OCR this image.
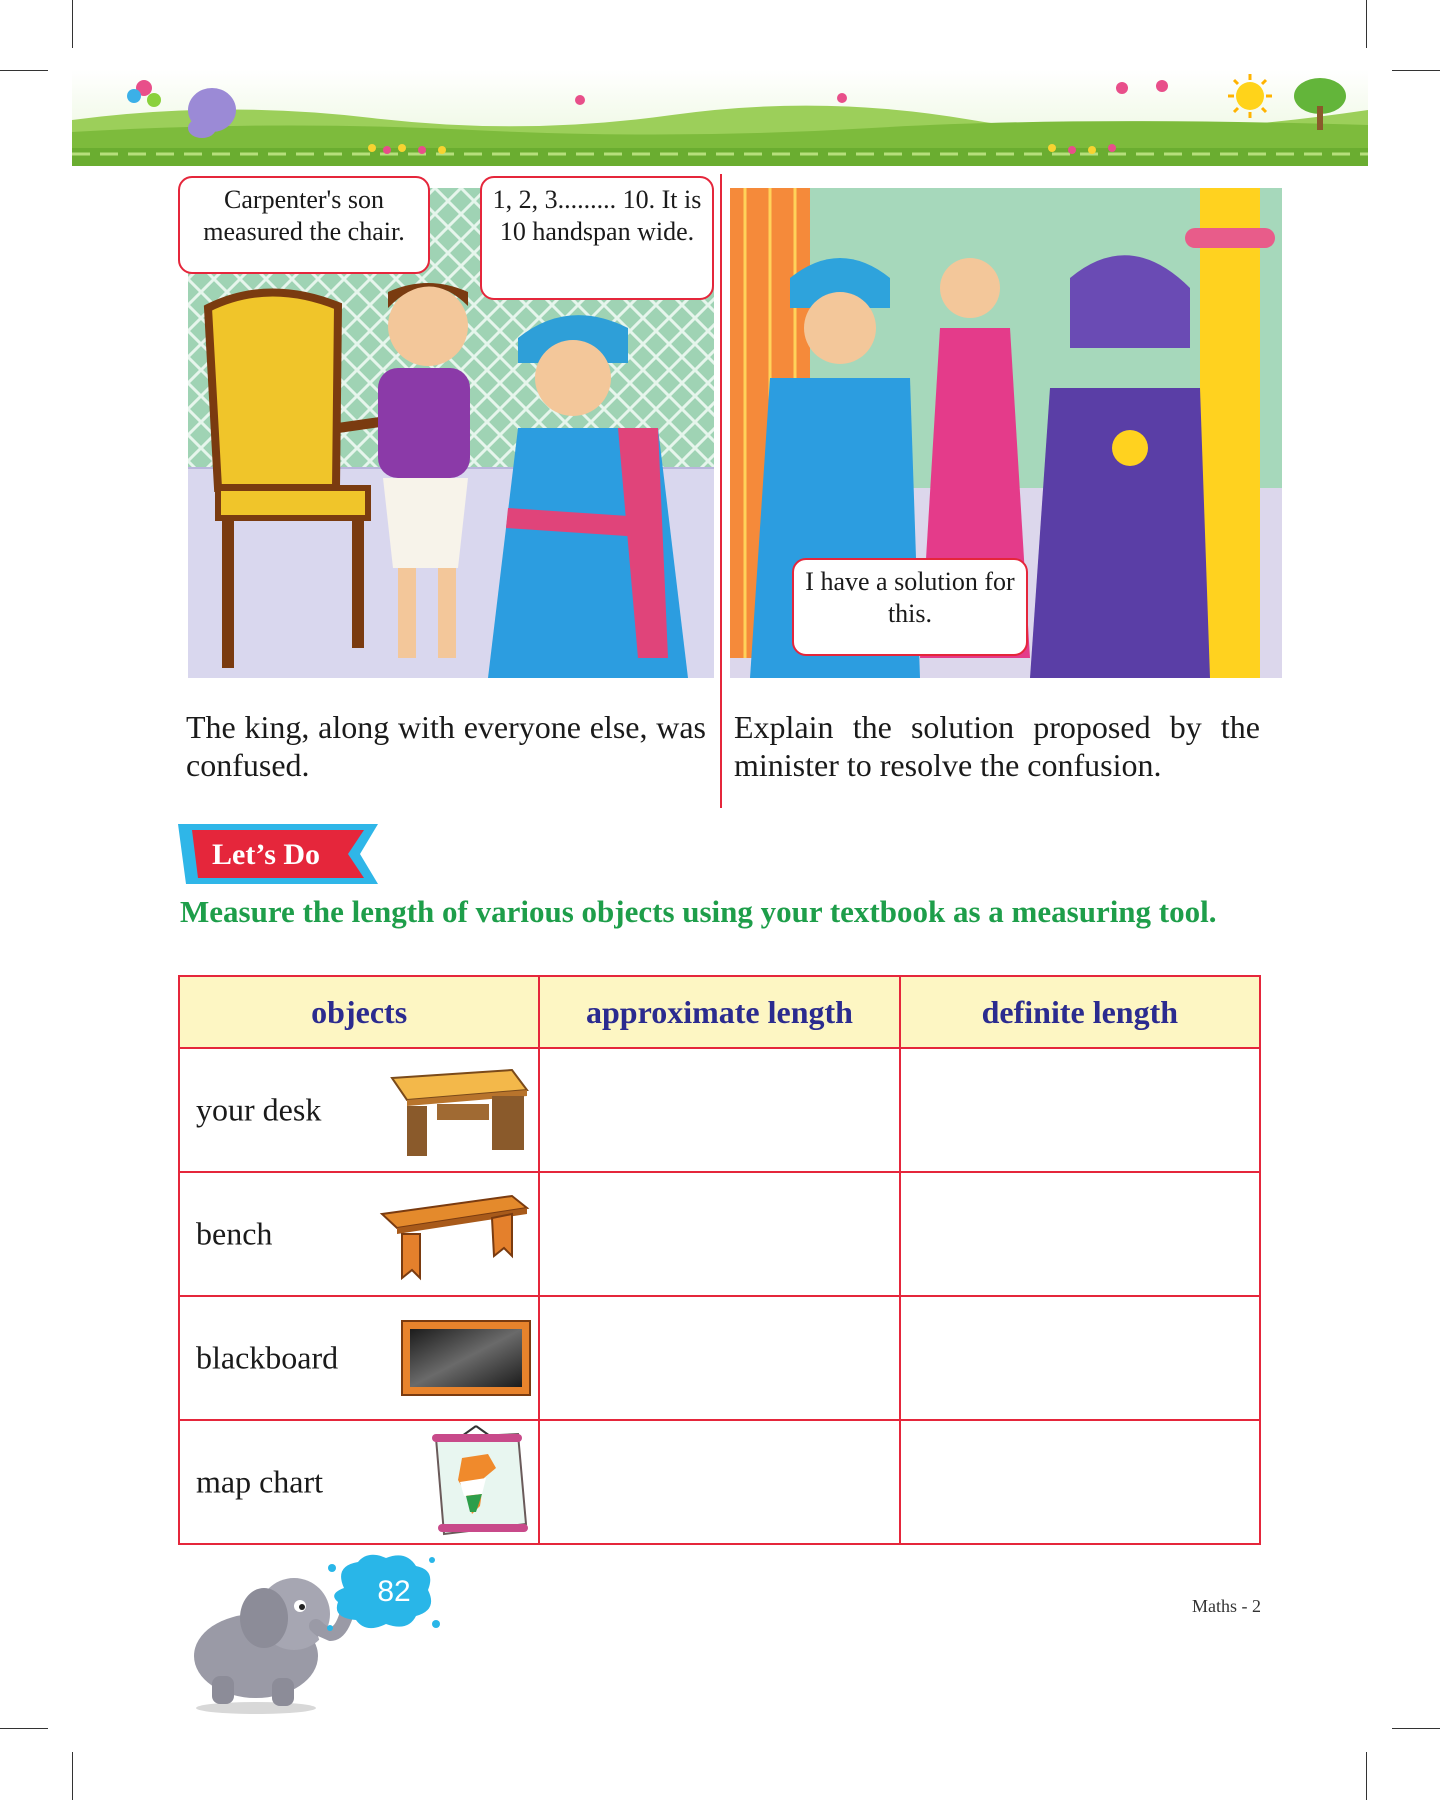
Carpenter's son measured the chair.
1, 2, 3......... 10. It is 10 handspan wide.
I have a solution for this.

The king, along with everyone else, was confused.

Explain the solution proposed by the minister to resolve the confusion.

Let’s Do

Measure the length of various objects using your textbook as a measuring tool.

objects	approximate length	definite length

your desk		

bench		

blackboard		

map chart		

82	Maths - 2
